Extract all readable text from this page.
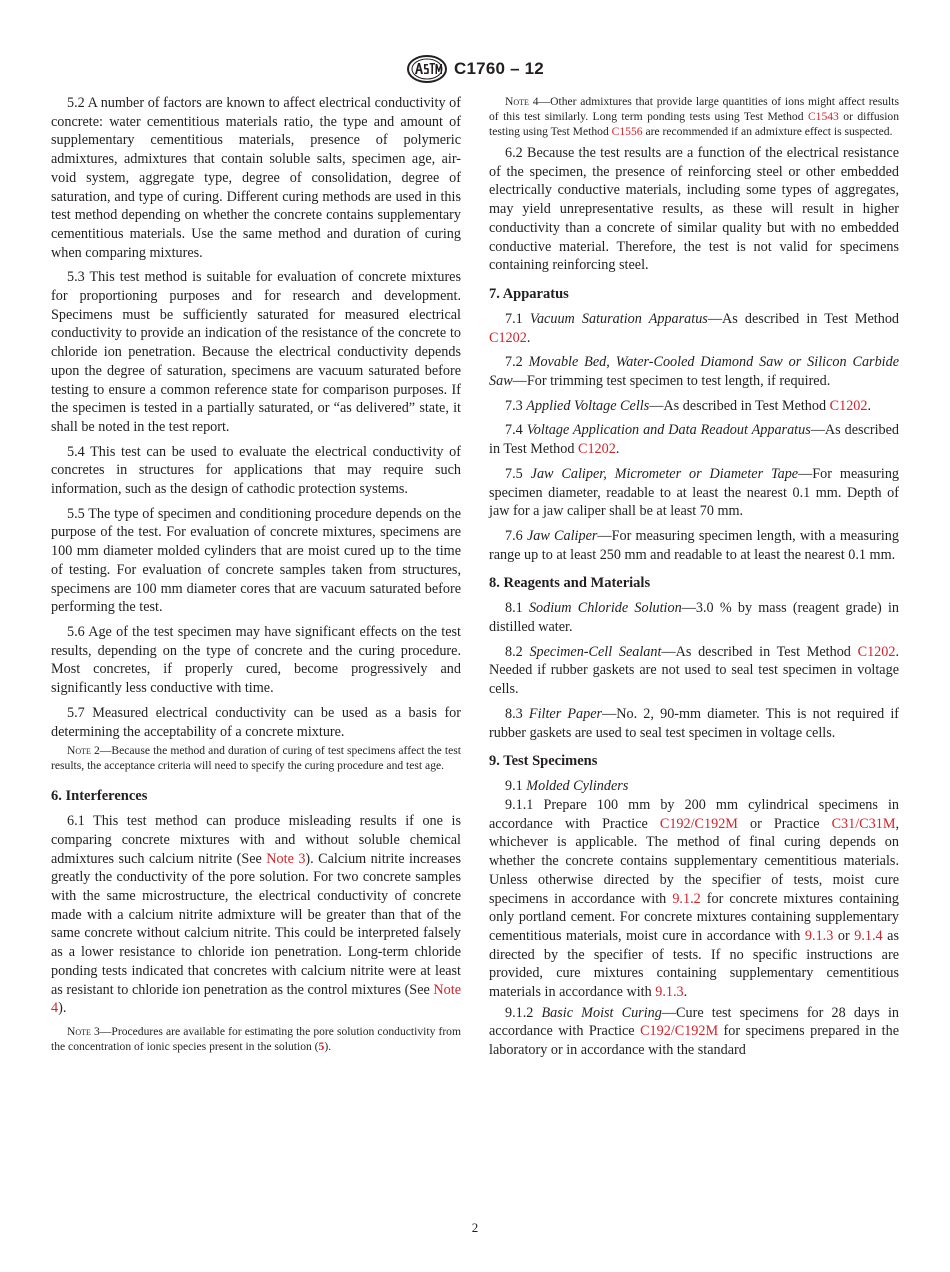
C1760 – 12

5.2 A number of factors are known to affect electrical conductivity of concrete: water cementitious materials ratio, the type and amount of supplementary cementitious materials, presence of polymeric admixtures, admixtures that contain soluble salts, specimen age, air-void system, aggregate type, degree of consolidation, degree of saturation, and type of curing. Different curing methods are used in this test method depending on whether the concrete contains supplementary cementitious materials. Use the same method and duration of curing when comparing mixtures.

5.3 This test method is suitable for evaluation of concrete mixtures for proportioning purposes and for research and development. Specimens must be sufficiently saturated for measured electrical conductivity to provide an indication of the resistance of the concrete to chloride ion penetration. Because the electrical conductivity depends upon the degree of saturation, specimens are vacuum saturated before testing to ensure a common reference state for comparison purposes. If the specimen is tested in a partially saturated, or “as delivered” state, it shall be noted in the test report.

5.4 This test can be used to evaluate the electrical conductivity of concretes in structures for applications that may require such information, such as the design of cathodic protection systems.

5.5 The type of specimen and conditioning procedure depends on the purpose of the test. For evaluation of concrete mixtures, specimens are 100 mm diameter molded cylinders that are moist cured up to the time of testing. For evaluation of concrete samples taken from structures, specimens are 100 mm diameter cores that are vacuum saturated before performing the test.

5.6 Age of the test specimen may have significant effects on the test results, depending on the type of concrete and the curing procedure. Most concretes, if properly cured, become progressively and significantly less conductive with time.

5.7 Measured electrical conductivity can be used as a basis for determining the acceptability of a concrete mixture.

Note 2—Because the method and duration of curing of test specimens affect the test results, the acceptance criteria will need to specify the curing procedure and test age.

6. Interferences

6.1 This test method can produce misleading results if one is comparing concrete mixtures with and without soluble chemical admixtures such calcium nitrite (See Note 3). Calcium nitrite increases greatly the conductivity of the pore solution. For two concrete samples with the same microstructure, the electrical conductivity of concrete made with a calcium nitrite admixture will be greater than that of the same concrete without calcium nitrite. This could be interpreted falsely as a lower resistance to chloride ion penetration. Long-term chloride ponding tests indicated that concretes with calcium nitrite were at least as resistant to chloride ion penetration as the control mixtures (See Note 4).

Note 3—Procedures are available for estimating the pore solution conductivity from the concentration of ionic species present in the solution (5).

Note 4—Other admixtures that provide large quantities of ions might affect results of this test similarly. Long term ponding tests using Test Method C1543 or diffusion testing using Test Method C1556 are recommended if an admixture effect is suspected.

6.2 Because the test results are a function of the electrical resistance of the specimen, the presence of reinforcing steel or other embedded electrically conductive materials, including some types of aggregates, may yield unrepresentative results, as these will result in higher conductivity than a concrete of similar quality but with no embedded conductive material. Therefore, the test is not valid for specimens containing reinforcing steel.

7. Apparatus

7.1 Vacuum Saturation Apparatus—As described in Test Method C1202.

7.2 Movable Bed, Water-Cooled Diamond Saw or Silicon Carbide Saw—For trimming test specimen to test length, if required.

7.3 Applied Voltage Cells—As described in Test Method C1202.

7.4 Voltage Application and Data Readout Apparatus—As described in Test Method C1202.

7.5 Jaw Caliper, Micrometer or Diameter Tape—For measuring specimen diameter, readable to at least the nearest 0.1 mm. Depth of jaw for a jaw caliper shall be at least 70 mm.

7.6 Jaw Caliper—For measuring specimen length, with a measuring range up to at least 250 mm and readable to at least the nearest 0.1 mm.

8. Reagents and Materials

8.1 Sodium Chloride Solution—3.0 % by mass (reagent grade) in distilled water.

8.2 Specimen-Cell Sealant—As described in Test Method C1202. Needed if rubber gaskets are not used to seal test specimen in voltage cells.

8.3 Filter Paper—No. 2, 90-mm diameter. This is not required if rubber gaskets are used to seal test specimen in voltage cells.

9. Test Specimens

9.1 Molded Cylinders

9.1.1 Prepare 100 mm by 200 mm cylindrical specimens in accordance with Practice C192/C192M or Practice C31/C31M, whichever is applicable. The method of final curing depends on whether the concrete contains supplementary cementitious materials. Unless otherwise directed by the specifier of tests, moist cure specimens in accordance with 9.1.2 for concrete mixtures containing only portland cement. For concrete mixtures containing supplementary cementitious materials, moist cure in accordance with 9.1.3 or 9.1.4 as directed by the specifier of tests. If no specific instructions are provided, cure mixtures containing supplementary cementitious materials in accordance with 9.1.3.

9.1.2 Basic Moist Curing—Cure test specimens for 28 days in accordance with Practice C192/C192M for specimens prepared in the laboratory or in accordance with the standard

2
